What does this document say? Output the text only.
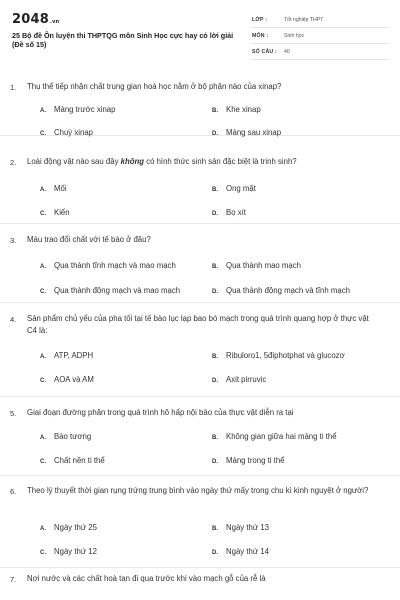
2048.vn
25 Bộ đề Ôn luyện thi THPTQG môn Sinh Học cực hay có lời giải (Đề số 15)
LỚP :	Tốt nghiệp THPT
MÔN :	Sinh học
SỐ CÂU : 40
1. Thụ thể tiếp nhận chất trung gian hoá học nằm ở bộ phận nào của xinap?
A. Màng trước xinap	B. Khe xinap
C. Chuỳ xinap	D. Màng sau xinap
2. Loài động vật nào sau đây không có hình thức sinh sản đặc biệt là trinh sinh?
A. Mối	B. Ong mật
C. Kiến	D. Bọ xít
3. Máu trao đổi chất với tế bào ở đâu?
A. Qua thành tĩnh mạch và mao mạch	B. Qua thành mao mạch
C. Qua thành động mạch và mao mạch	D. Qua thành động mạch và tĩnh mạch
4. Sản phẩm chủ yếu của pha tối tại tế bào lục lạp bao bó mạch trong quá trình quang hợp ở thực vật C4 là:
A. ATP, ADPH	B. Ribuloro1, 5điphotphat và glucozơ
C. AOA và AM	D. Axit pirruvic
5. Giai đoạn đường phân trong quá trình hô hấp nội bào của thực vật diễn ra tại
A. Bào tương	B. Không gian giữa hai màng ti thể
C. Chất nền ti thể	D. Màng trong ti thể
6. Theo lý thuyết thời gian rụng trứng trung bình vào ngày thứ mấy trong chu kì kinh nguyệt ở người?
A. Ngày thứ 25	B. Ngày thứ 13
C. Ngày thứ 12	D. Ngày thứ 14
7. Nơi nước và các chất hoà tan đi qua trước khi vào mạch gỗ của rễ là
